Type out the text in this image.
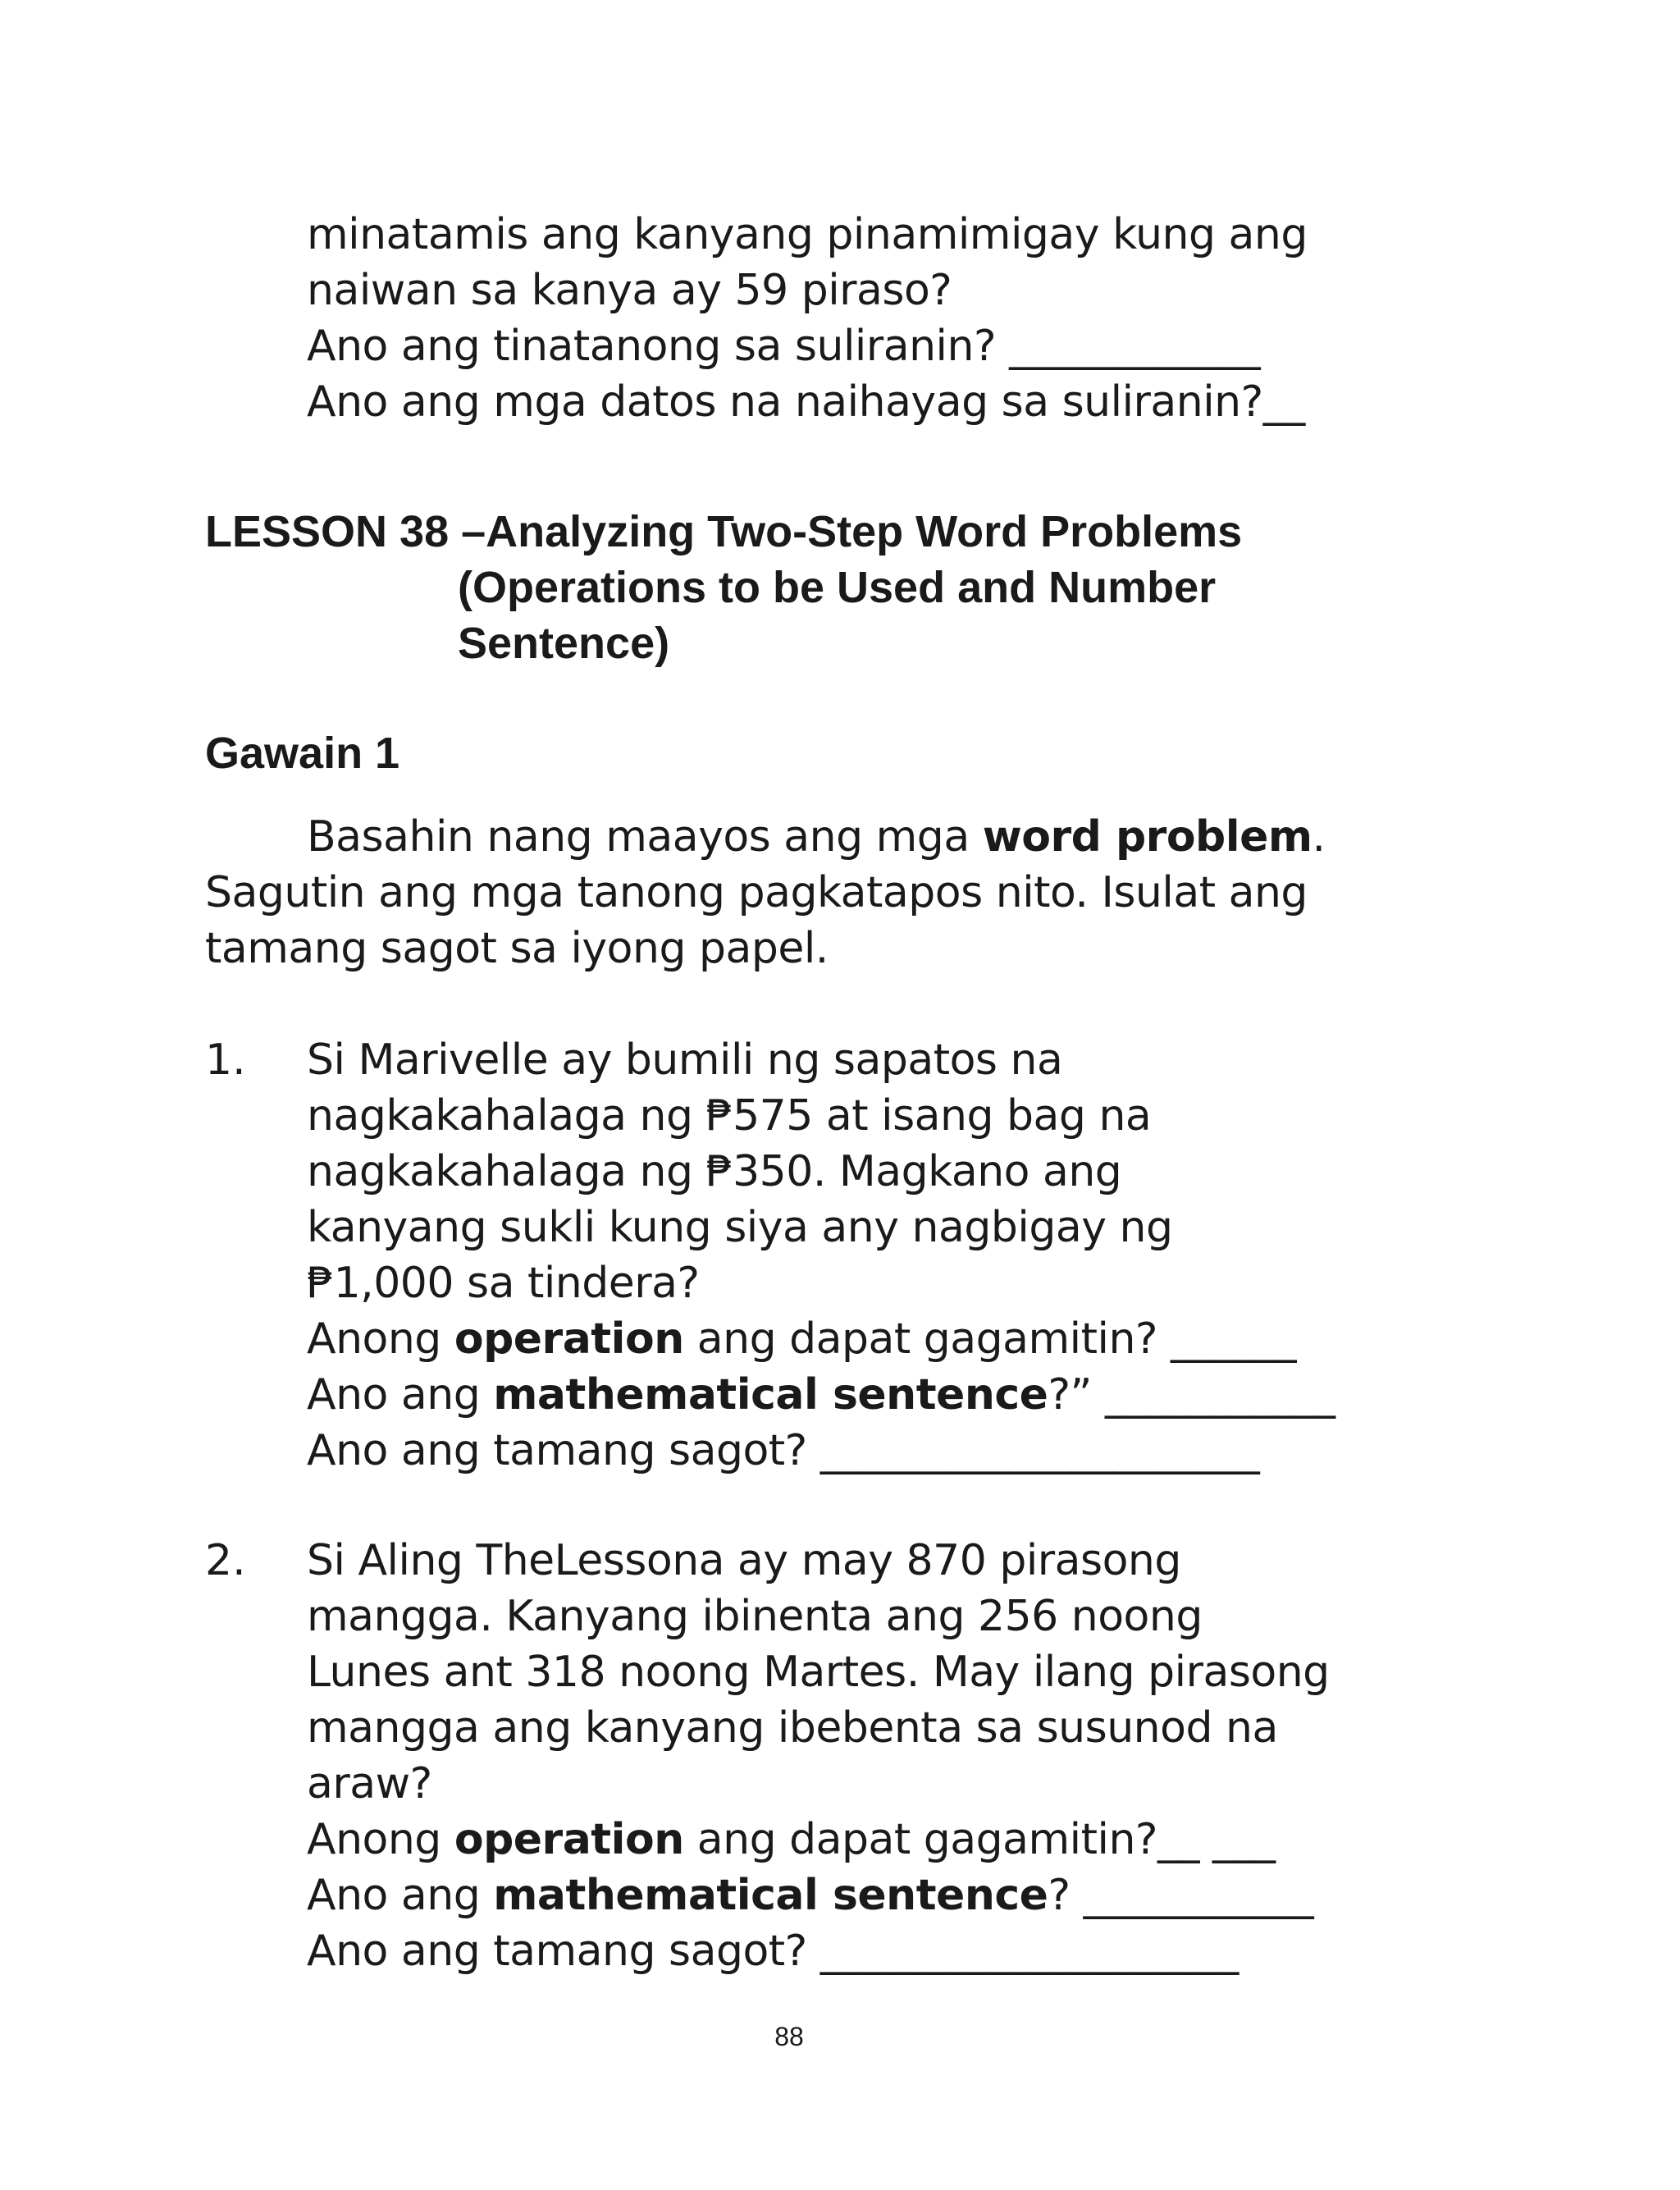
minatamis ang kanyang pinamimigay kung ang
naiwan sa kanya ay 59 piraso?
Ano ang tinatanong sa suliranin? ____________
Ano ang mga datos na naihayag sa suliranin?__
LESSON 38 –Analyzing Two-Step Word Problems
(Operations to be Used and Number
Sentence)
Gawain 1
Basahin nang maayos ang mga word problem.
Sagutin ang mga tanong pagkatapos nito. Isulat ang
tamang sagot sa iyong papel.
1. Si Marivelle ay bumili ng sapatos na
nagkakahalaga ng ₱575 at isang bag na
nagkakahalaga ng ₱350. Magkano ang
kanyang sukli kung siya any nagbigay ng
₱1,000 sa tindera?
Anong operation ang dapat gagamitin? ______
Ano ang mathematical sentence?” ___________
Ano ang tamang sagot? _____________________
2. Si Aling TheLessona ay may 870 pirasong
mangga. Kanyang ibinenta ang 256 noong
Lunes ant 318 noong Martes. May ilang pirasong
mangga ang kanyang ibebenta sa susunod na
araw?
Anong operation ang dapat gagamitin?__ ___
Ano ang mathematical sentence? ___________
Ano ang tamang sagot? ____________________
88
